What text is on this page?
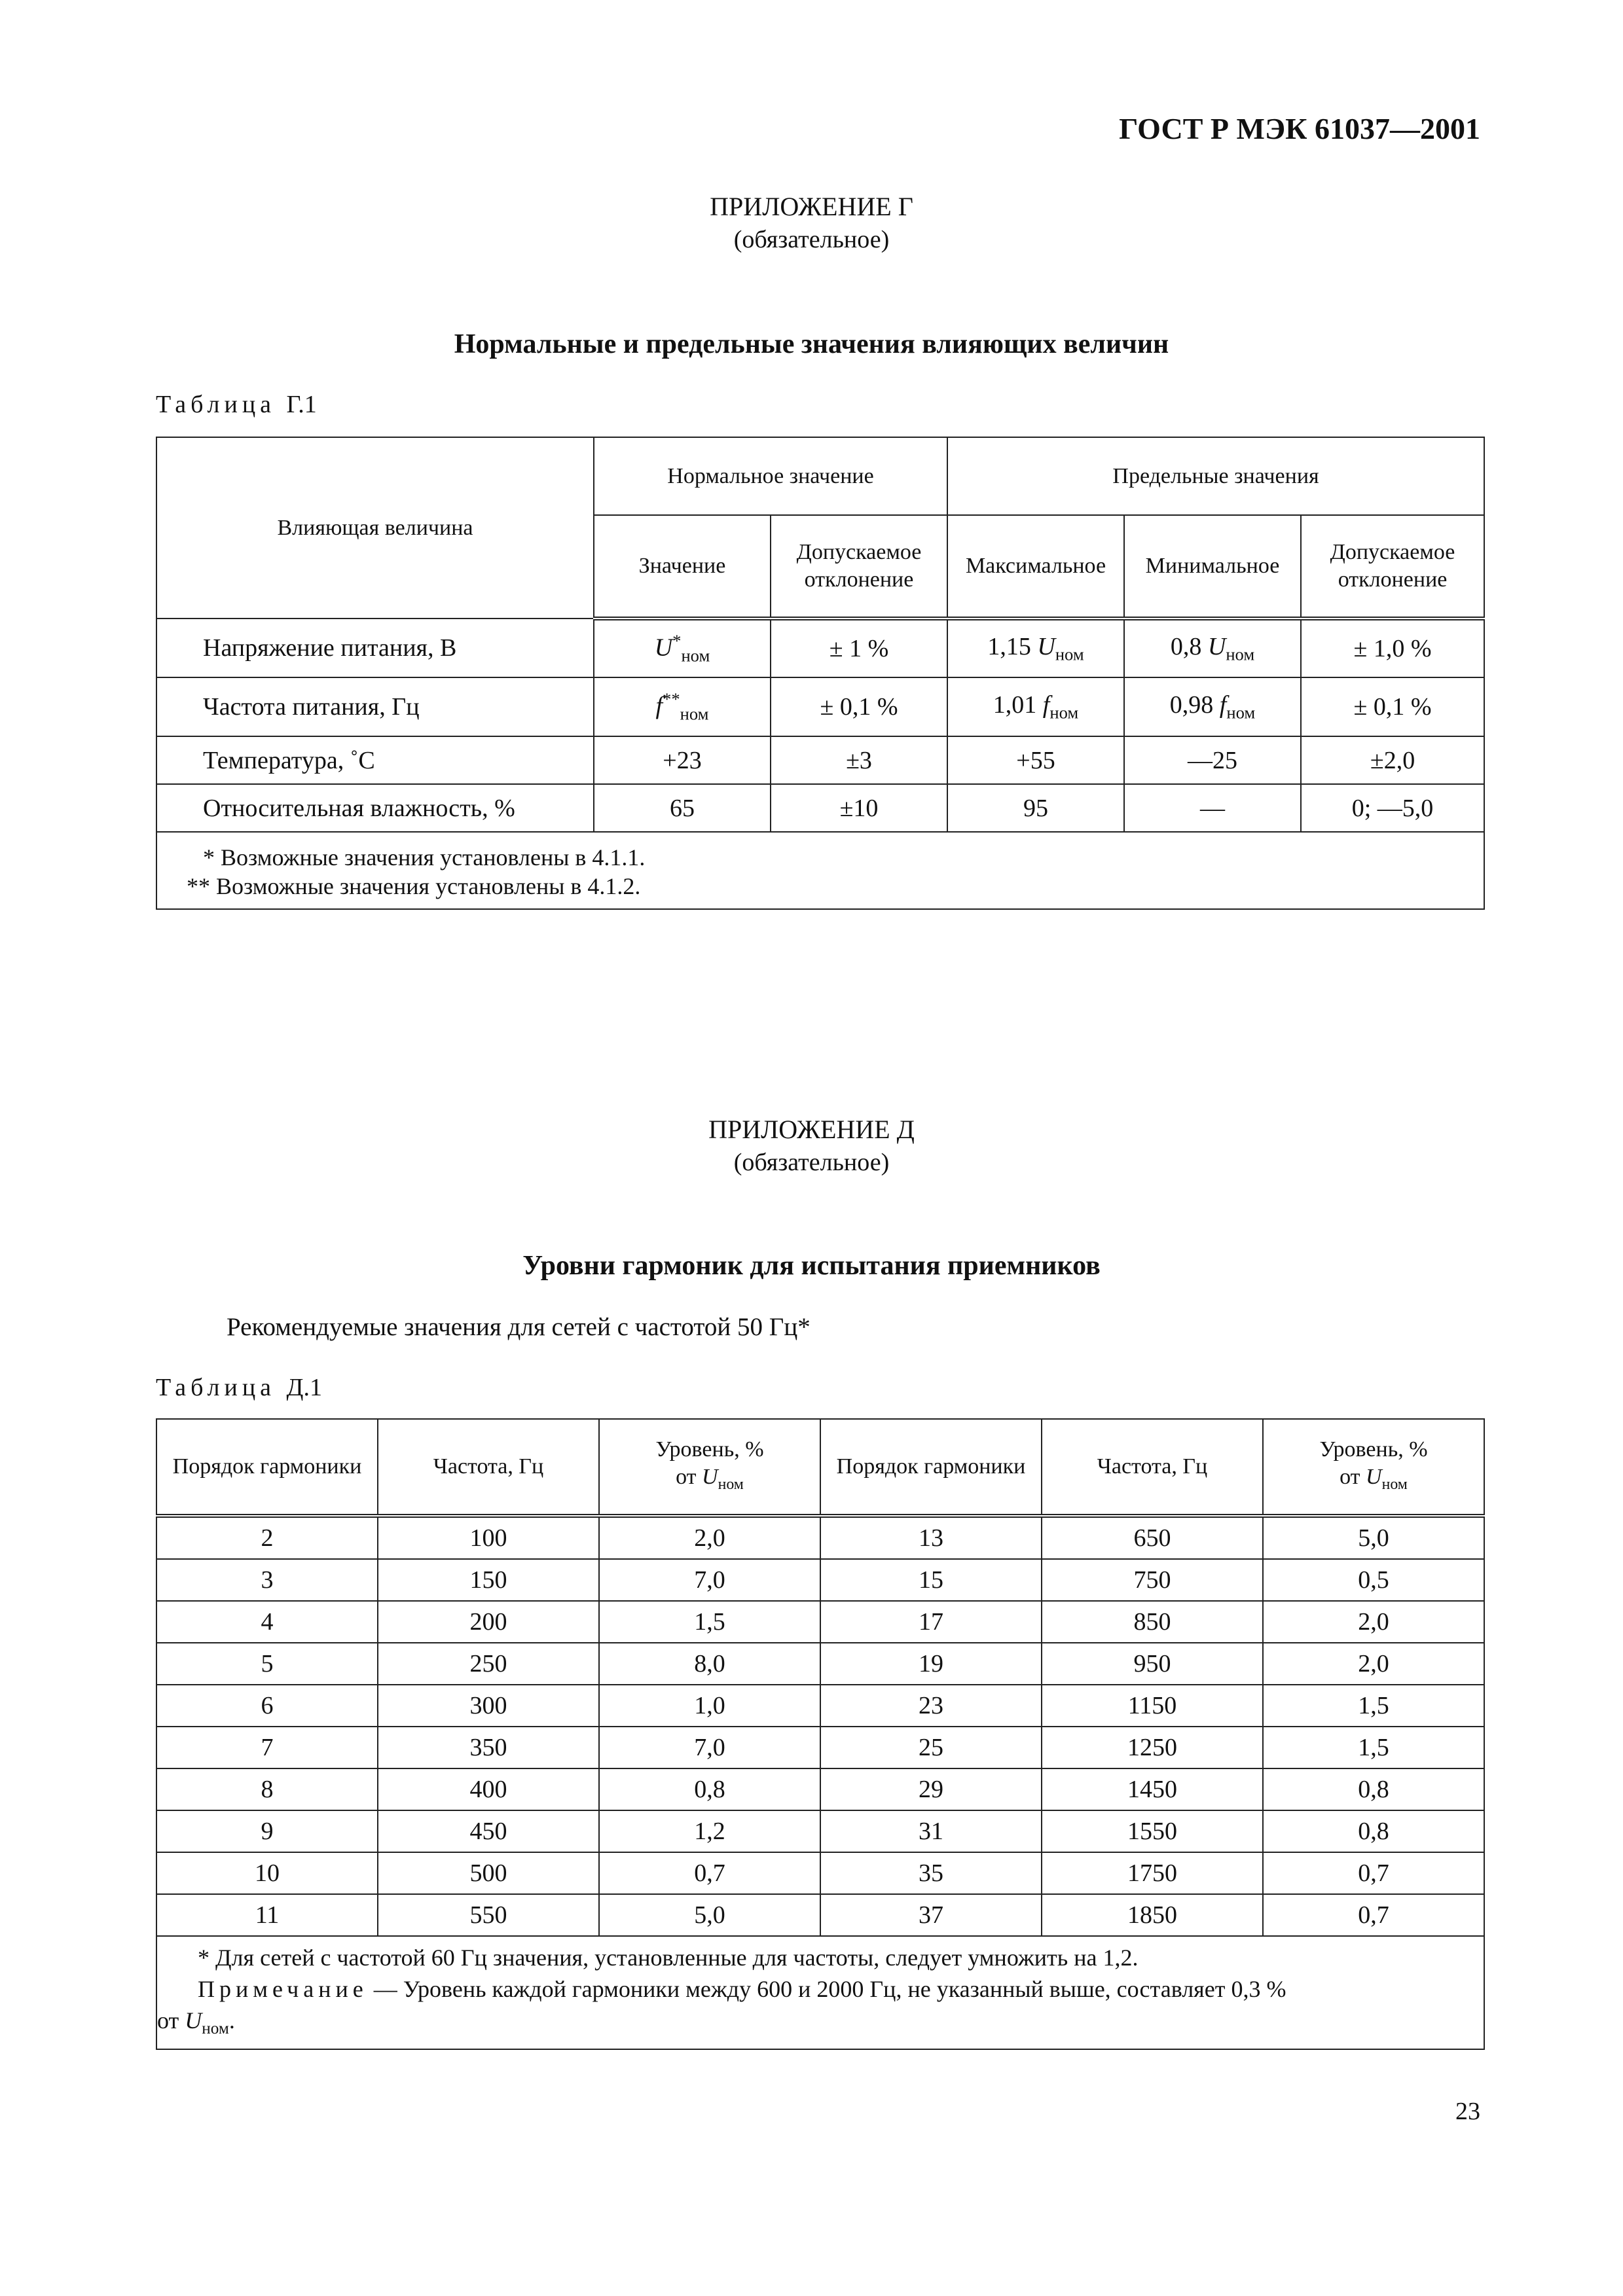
ГОСТ Р МЭК 61037—2001
ПРИЛОЖЕНИЕ Г
(обязательное)
Нормальные и предельные значения влияющих величин
Таблица Г.1
Влияющая величина	Нормальное значение		Предельные значения		
	Значение	Допускаемое отклонение	Максимальное	Минимальное	Допускаемое отклонение
Напряжение питания, В	$U^*_{ном}$	± 1 %	1,15 $U_{ном}$	0,8 $U_{ном}$	± 1,0 %
Частота питания, Гц	$f^{**}_{ном}$	± 0,1 %	1,01 $f_{ном}$	0,98 $f_{ном}$	± 0,1 %
Температура, ˚С	+23	±3	+55	—25	±2,0
Относительная влажность, %	65	±10	95	—	0; —5,0

* Возможные значения установлены в 4.1.1.
** Возможные значения установлены в 4.1.2.					
ПРИЛОЖЕНИЕ Д
(обязательное)
Уровни гармоник для испытания приемников
Рекомендуемые значения для сетей с частотой 50 Гц*
Таблица Д.1
Порядок гармоники	Частота, Гц	Уровень, %
от $U_{ном}$	Порядок гармоники	Частота, Гц	Уровень, %
от $U_{ном}$
2	100	2,0	13	650	5,0
3	150	7,0	15	750	0,5
4	200	1,5	17	850	2,0
5	250	8,0	19	950	2,0
6	300	1,0	23	1150	1,5
7	350	7,0	25	1250	1,5
8	400	0,8	29	1450	0,8
9	450	1,2	31	1550	0,8
10	500	0,7	35	1750	0,7
11	550	5,0	37	1850	0,7

* Для сетей с частотой 60 Гц значения, установленные для частоты, следует умножить на 1,2.
Примечание — Уровень каждой гармоники между 600 и 2000 Гц, не указанный выше, составляет 0,3 %
от $U_{ном}$.					
23
